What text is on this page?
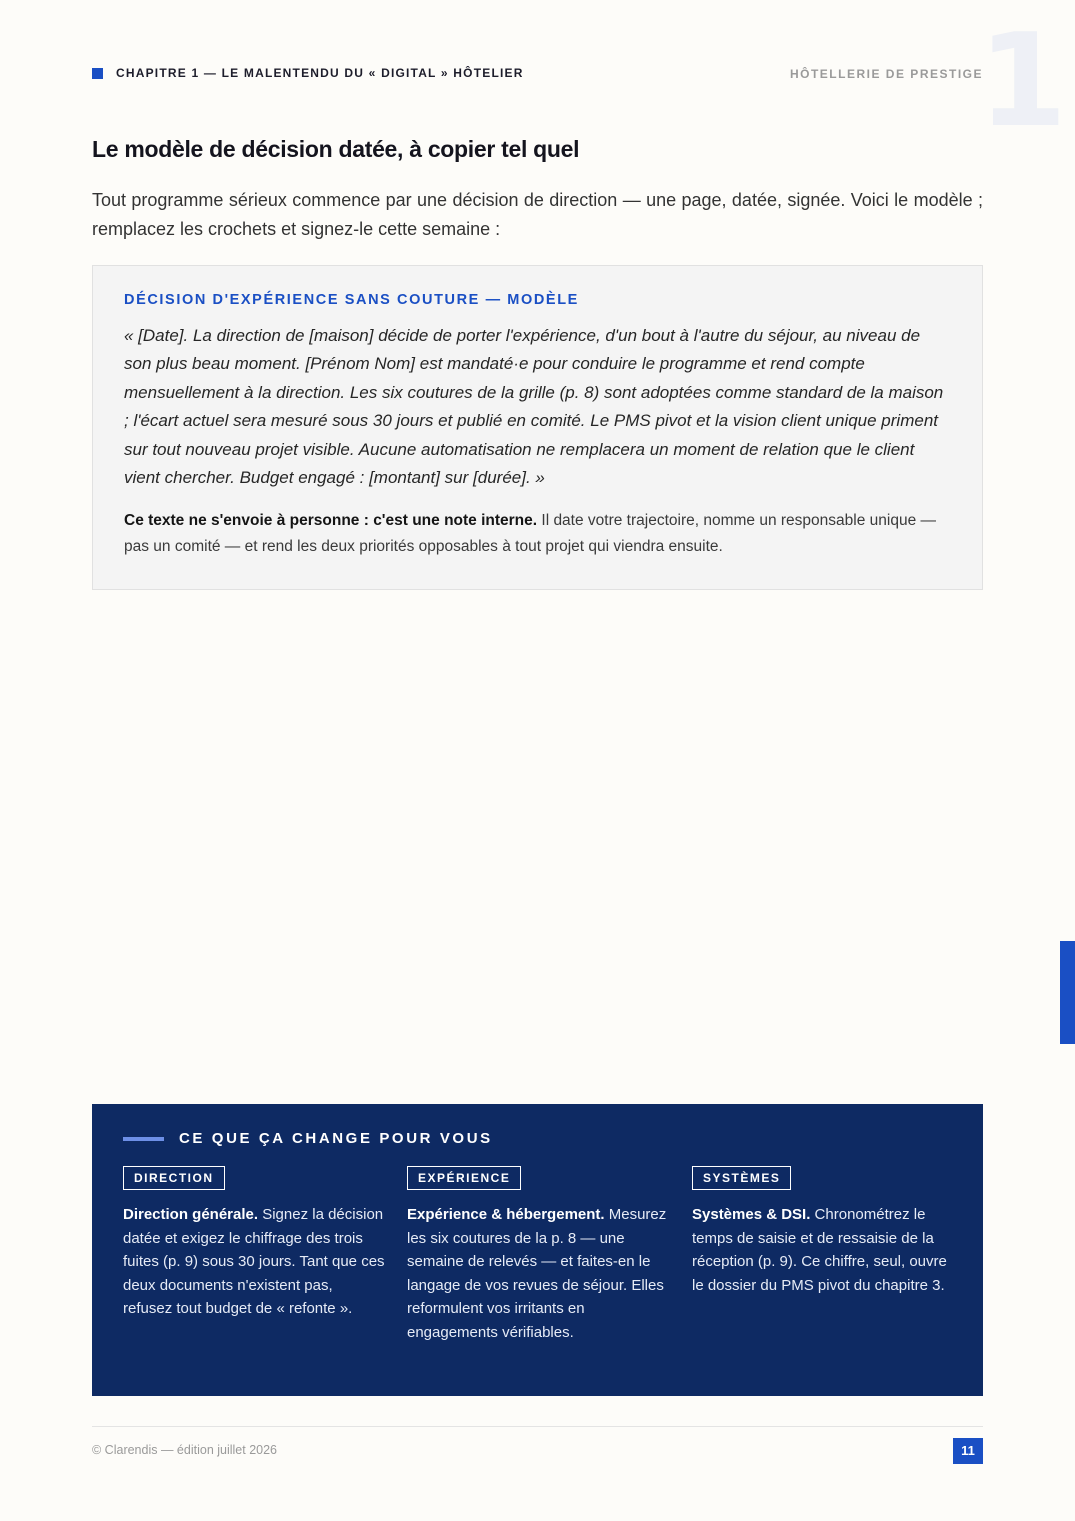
1
CHAPITRE 1 — LE MALENTENDU DU « DIGITAL » HÔTELIER	HÔTELLERIE DE PRESTIGE
Le modèle de décision datée, à copier tel quel

Tout programme sérieux commence par une décision de direction — une page, datée, signée. Voici le modèle ; remplacez les crochets et signez-le cette semaine :

DÉCISION D'EXPÉRIENCE SANS COUTURE — MODÈLE

« [Date]. La direction de [maison] décide de porter l'expérience, d'un bout à l'autre du séjour, au niveau de son plus beau moment. [Prénom Nom] est mandaté·e pour conduire le programme et rend compte mensuellement à la direction. Les six coutures de la grille (p. 8) sont adoptées comme standard de la maison ; l'écart actuel sera mesuré sous 30 jours et publié en comité. Le PMS pivot et la vision client unique priment sur tout nouveau projet visible. Aucune automatisation ne remplacera un moment de relation que le client vient chercher. Budget engagé : [montant] sur [durée]. »

Ce texte ne s'envoie à personne : c'est une note interne. Il date votre trajectoire, nomme un responsable unique — pas un comité — et rend les deux priorités opposables à tout projet qui viendra ensuite.

CE QUE ÇA CHANGE POUR VOUS
DIRECTION

Direction générale. Signez la décision datée et exigez le chiffrage des trois fuites (p. 9) sous 30 jours. Tant que ces deux documents n'existent pas, refusez tout budget de « refonte ».

EXPÉRIENCE

Expérience & hébergement. Mesurez les six coutures de la p. 8 — une semaine de relevés — et faites-en le langage de vos revues de séjour. Elles reformulent vos irritants en engagements vérifiables.

SYSTÈMES

Systèmes & DSI. Chronométrez le temps de saisie et de ressaisie de la réception (p. 9). Ce chiffre, seul, ouvre le dossier du PMS pivot du chapitre 3.

© Clarendis — édition juillet 2026	11
